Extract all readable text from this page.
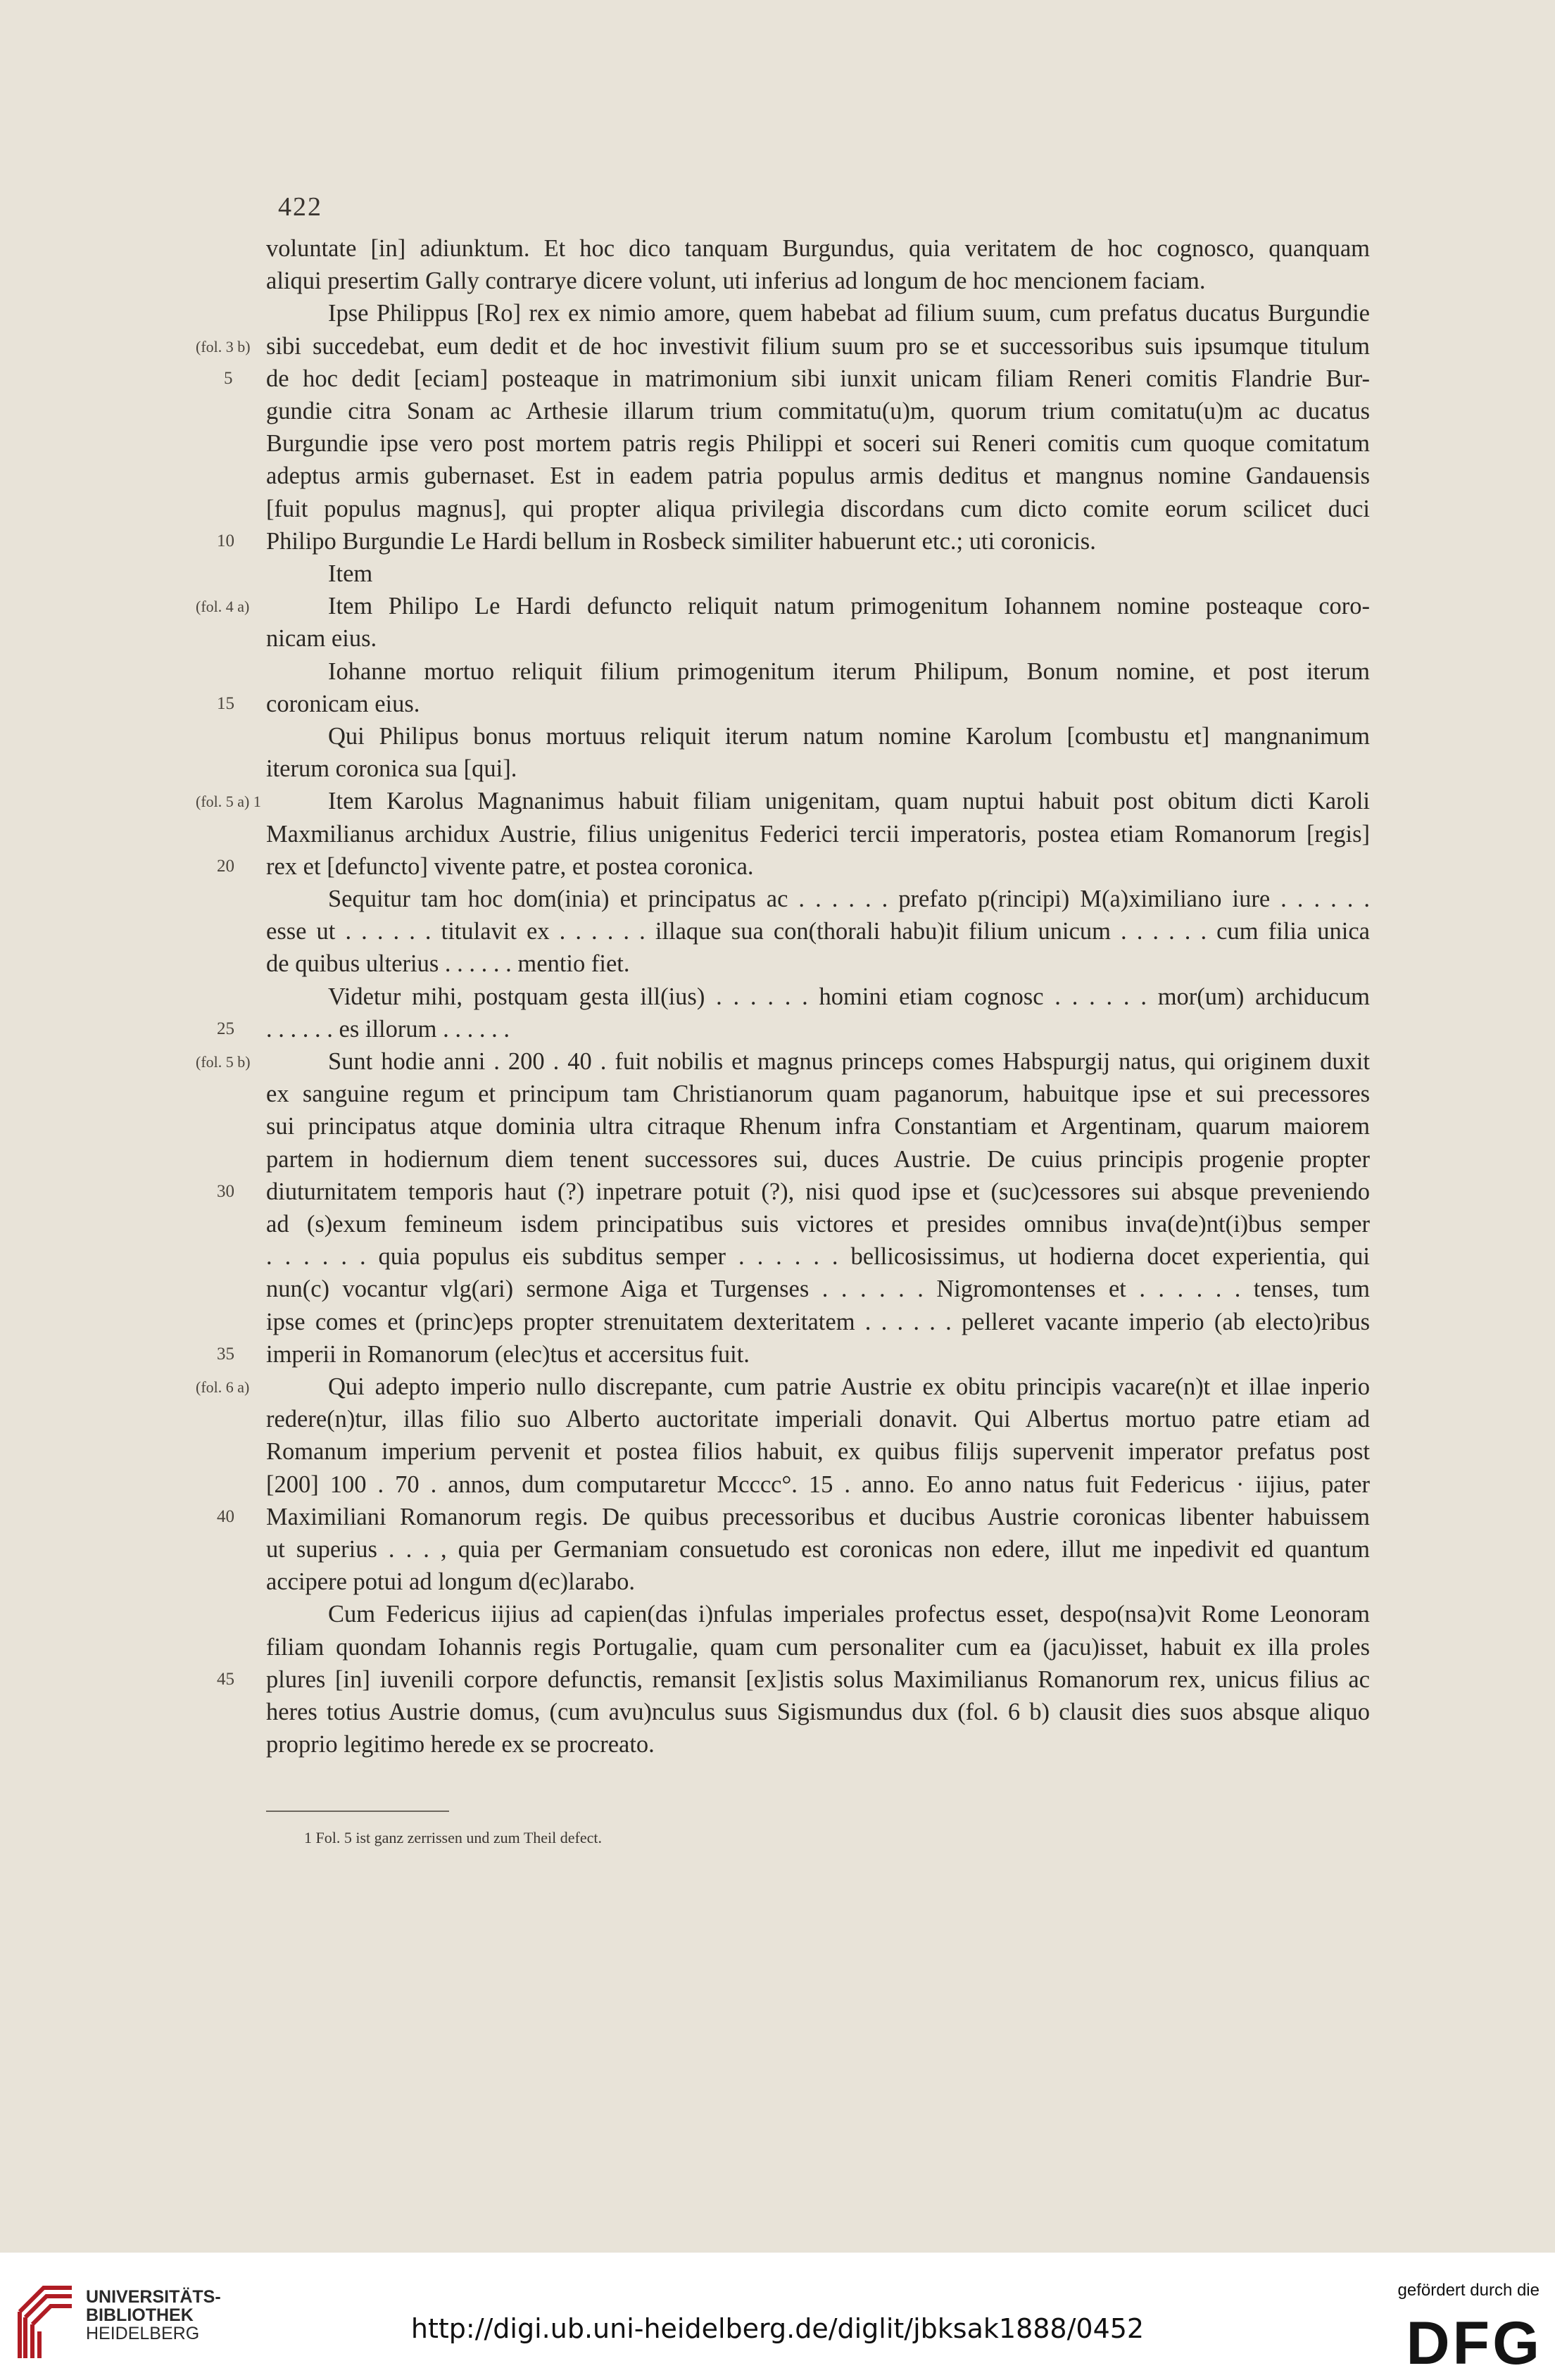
422
voluntate [in] adiunktum. Et hoc dico tanquam Burgundus, quia veritatem de hoc cognosco, quanquam
aliqui presertim Gally contrarye dicere volunt, uti inferius ad longum de hoc mencionem faciam.
Ipse Philippus [Ro] rex ex nimio amore, quem habebat ad filium suum, cum prefatus ducatus Burgundie
sibi succedebat, eum dedit et de hoc investivit filium suum pro se et successoribus suis ipsumque titulum
(fol. 3 b)
de hoc dedit [eciam] posteaque in matrimonium sibi iunxit unicam filiam Reneri comitis Flandrie Bur-
5
gundie citra Sonam ac Arthesie illarum trium commitatu(u)m, quorum trium comitatu(u)m ac ducatus
Burgundie ipse vero post mortem patris regis Philippi et soceri sui Reneri comitis cum quoque comitatum
adeptus armis gubernaset. Est in eadem patria populus armis deditus et mangnus nomine Gandauensis
[fuit populus magnus], qui propter aliqua privilegia discordans cum dicto comite eorum scilicet duci
Philipo Burgundie Le Hardi bellum in Rosbeck similiter habuerunt etc.; uti coronicis.
10
Item
Item Philipo Le Hardi defuncto reliquit natum primogenitum Iohannem nomine posteaque coro-
(fol. 4 a)
nicam eius.
Iohanne mortuo reliquit filium primogenitum iterum Philipum, Bonum nomine, et post iterum
coronicam eius.
15
Qui Philipus bonus mortuus reliquit iterum natum nomine Karolum [combustu et] mangnanimum
iterum coronica sua [qui].
Item Karolus Magnanimus habuit filiam unigenitam, quam nuptui habuit post obitum dicti Karoli
(fol. 5 a) 1
Maxmilianus archidux Austrie, filius unigenitus Federici tercii imperatoris, postea etiam Romanorum [regis]
rex et [defuncto] vivente patre, et postea coronica.
20
Sequitur tam hoc dom(inia) et principatus ac . . . . . . prefato p(rincipi) M(a)ximiliano iure . . . . . .
esse ut . . . . . . titulavit ex . . . . . . illaque sua con(thorali habu)it filium unicum . . . . . . cum filia unica
de quibus ulterius . . . . . . mentio fiet.
Videtur mihi, postquam gesta ill(ius) . . . . . . homini etiam cognosc . . . . . . mor(um) archiducum
. . . . . . es illorum . . . . . .
25
Sunt hodie anni . 200 . 40 . fuit nobilis et magnus princeps comes Habspurgij natus, qui originem duxit
(fol. 5 b)
ex sanguine regum et principum tam Christianorum quam paganorum, habuitque ipse et sui precessores
sui principatus atque dominia ultra citraque Rhenum infra Constantiam et Argentinam, quarum maiorem
partem in hodiernum diem tenent successores sui, duces Austrie. De cuius principis progenie propter
diuturnitatem temporis haut (?) inpetrare potuit (?), nisi quod ipse et (suc)cessores sui absque preveniendo
30
ad (s)exum femineum isdem principatibus suis victores et presides omnibus inva(de)nt(i)bus semper
. . . . . . quia populus eis subditus semper . . . . . . bellicosissimus, ut hodierna docet experientia, qui
nun(c) vocantur vlg(ari) sermone Aiga et Turgenses . . . . . . Nigromontenses et . . . . . . tenses, tum
ipse comes et (princ)eps propter strenuitatem dexteritatem . . . . . . pelleret vacante imperio (ab electo)ribus
imperii in Romanorum (elec)tus et accersitus fuit.
35
Qui adepto imperio nullo discrepante, cum patrie Austrie ex obitu principis vacare(n)t et illae inperio
(fol. 6 a)
redere(n)tur, illas filio suo Alberto auctoritate imperiali donavit. Qui Albertus mortuo patre etiam ad
Romanum imperium pervenit et postea filios habuit, ex quibus filijs supervenit imperator prefatus post
[200] 100 . 70 . annos, dum computaretur Mcccc°. 15 . anno. Eo anno natus fuit Federicus · iijius, pater
Maximiliani Romanorum regis. De quibus precessoribus et ducibus Austrie coronicas libenter habuissem
40
ut superius . . . , quia per Germaniam consuetudo est coronicas non edere, illut me inpedivit ed quantum
accipere potui ad longum d(ec)larabo.
Cum Federicus iijius ad capien(das i)nfulas imperiales profectus esset, despo(nsa)vit Rome Leonoram
filiam quondam Iohannis regis Portugalie, quam cum personaliter cum ea (jacu)isset, habuit ex illa proles
plures [in] iuvenili corpore defunctis, remansit [ex]istis solus Maximilianus Romanorum rex, unicus filius ac
45
heres totius Austrie domus, (cum avu)nculus suus Sigismundus dux (fol. 6 b) clausit dies suos absque aliquo
proprio legitimo herede ex se procreato.
1 Fol. 5 ist ganz zerrissen und zum Theil defect.
UNIVERSITÄTS-
BIBLIOTHEK
HEIDELBERG	http://digi.ub.uni-heidelberg.de/diglit/jbksak1888/0452
gefördert durch die
DFG
